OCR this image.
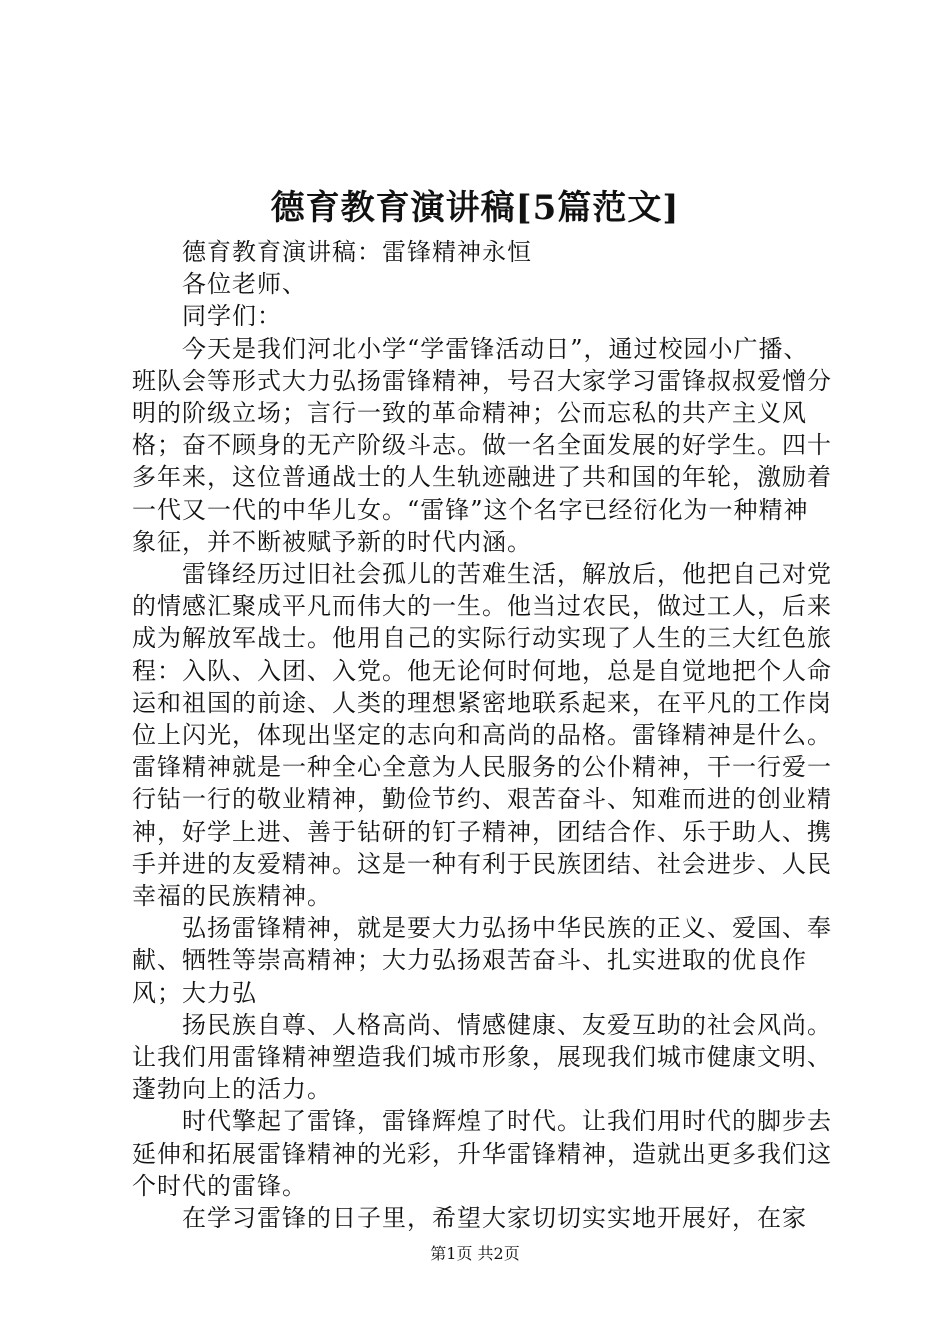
德育教育演讲稿[5篇范文]

德育教育演讲稿：雷锋精神永恒

各位老师、

同学们：

今天是我们河北小学“学雷锋活动日”，通过校园小广播、班队会等形式大力弘扬雷锋精神，号召大家学习雷锋叔叔爱憎分明的阶级立场；言行一致的革命精神；公而忘私的共产主义风格；奋不顾身的无产阶级斗志。做一名全面发展的好学生。四十多年来，这位普通战士的人生轨迹融进了共和国的年轮，激励着一代又一代的中华儿女。“雷锋”这个名字已经衍化为一种精神象征，并不断被赋予新的时代内涵。

雷锋经历过旧社会孤儿的苦难生活，解放后，他把自己对党的情感汇聚成平凡而伟大的一生。他当过农民，做过工人，后来成为解放军战士。他用自己的实际行动实现了人生的三大红色旅程：入队、入团、入党。他无论何时何地，总是自觉地把个人命运和祖国的前途、人类的理想紧密地联系起来，在平凡的工作岗位上闪光，体现出坚定的志向和高尚的品格。雷锋精神是什么。雷锋精神就是一种全心全意为人民服务的公仆精神，干一行爱一行钻一行的敬业精神，勤俭节约、艰苦奋斗、知难而进的创业精神，好学上进、善于钻研的钉子精神，团结合作、乐于助人、携手并进的友爱精神。这是一种有利于民族团结、社会进步、人民幸福的民族精神。

弘扬雷锋精神，就是要大力弘扬中华民族的正义、爱国、奉献、牺牲等崇高精神；大力弘扬艰苦奋斗、扎实进取的优良作风；大力弘

扬民族自尊、人格高尚、情感健康、友爱互助的社会风尚。让我们用雷锋精神塑造我们城市形象，展现我们城市健康文明、蓬勃向上的活力。

时代擎起了雷锋，雷锋辉煌了时代。让我们用时代的脚步去延伸和拓展雷锋精神的光彩，升华雷锋精神，造就出更多我们这个时代的雷锋。

在学习雷锋的日子里，希望大家切切实实地开展好，在家

第1页 共2页
